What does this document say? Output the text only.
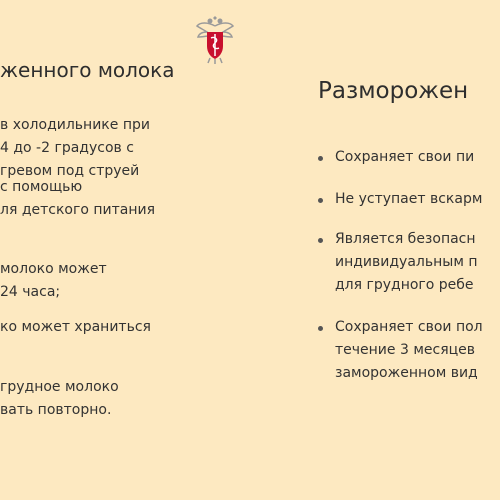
женного молока
в холодильнике при
4 до -2 градусов с
гревом под струей
с помощью
ля детского питания
молоко может
24 часа;
ко может храниться
грудное молоко
вать повторно.
Разморожен
Сохраняет свои пи
Не уступает вскарм
Является безопасн
индивидуальным п
для грудного ребе
Сохраняет свои пол
течение 3 месяцев
замороженном вид
